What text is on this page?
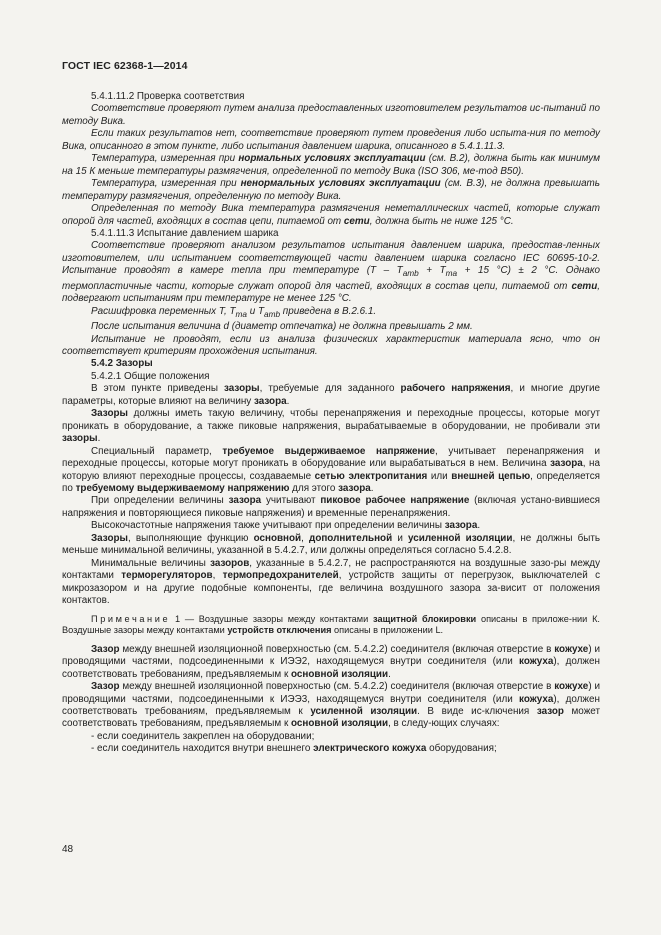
ГОСТ IEC 62368-1—2014

5.4.1.11.2 Проверка соответствия

Соответствие проверяют путем анализа предоставленных изготовителем результатов ис-пытаний по методу Вика.

Если таких результатов нет, соответствие проверяют путем проведения либо испыта-ния по методу Вика, описанного в этом пункте, либо испытания давлением шарика, описанного в 5.4.1.11.3.

Температура, измеренная при нормальных условиях эксплуатации (см. В.2), должна быть как минимум на 15 К меньше температуры размягчения, определенной по методу Вика (ISO 306, ме-тод В50).

Температура, измеренная при ненормальных условиях эксплуатации (см. В.3), не должна превышать температуру размягчения, определенную по методу Вика.

Определенная по методу Вика температура размягчения неметаллических частей, которые служат опорой для частей, входящих в состав цепи, питаемой от сети, должна быть не ниже 125 °С.

5.4.1.11.3 Испытание давлением шарика

Соответствие проверяют анализом результатов испытания давлением шарика, предостав-ленных изготовителем, или испытанием соответствующей части давлением шарика согласно IEC 60695-10-2. Испытание проводят в камере тепла при температуре ($T - T_{amb} + T_{ma} + 15$ °С) ± 2 °С. Однако термопластичные части, которые служат опорой для частей, входящих в состав цепи, питаемой от сети, подвергают испытаниям при температуре не менее 125 °С.

Расшифровка переменных T, $T_{ma}$ и $T_{amb}$ приведена в В.2.6.1.

После испытания величина d (диаметр отпечатка) не должна превышать 2 мм.

Испытание не проводят, если из анализа физических характеристик материала ясно, что он соответствует критериям прохождения испытания.

5.4.2 Зазоры

5.4.2.1 Общие положения

В этом пункте приведены зазоры, требуемые для заданного рабочего напряжения, и многие другие параметры, которые влияют на величину зазора.

Зазоры должны иметь такую величину, чтобы перенапряжения и переходные процессы, которые могут проникать в оборудование, а также пиковые напряжения, вырабатываемые в оборудовании, не пробивали эти зазоры.

Специальный параметр, требуемое выдерживаемое напряжение, учитывает перенапряжения и переходные процессы, которые могут проникать в оборудование или вырабатываться в нем. Величина зазора, на которую влияют переходные процессы, создаваемые сетью электропитания или внешней цепью, определяется по требуемому выдерживаемому напряжению для этого зазора.

При определении величины зазора учитывают пиковое рабочее напряжение (включая устано-вившиеся напряжения и повторяющиеся пиковые напряжения) и временные перенапряжения.

Высокочастотные напряжения также учитывают при определении величины зазора.

Зазоры, выполняющие функцию основной, дополнительной и усиленной изоляции, не должны быть меньше минимальной величины, указанной в 5.4.2.7, или должны определяться согласно 5.4.2.8.

Минимальные величины зазоров, указанные в 5.4.2.7, не распространяются на воздушные зазо-ры между контактами терморегуляторов, термопредохранителей, устройств защиты от перегрузок, выключателей с микрозазором и на другие подобные компоненты, где величина воздушного зазора за-висит от положения контактов.

Примечание 1 — Воздушные зазоры между контактами защитной блокировки описаны в приложе-нии К. Воздушные зазоры между контактами устройств отключения описаны в приложении L.

Зазор между внешней изоляционной поверхностью (см. 5.4.2.2) соединителя (включая отверстие в кожухе) и проводящими частями, подсоединенными к ИЭЭ2, находящемуся внутри соединителя (или кожуха), должен соответствовать требованиям, предъявляемым к основной изоляции.

Зазор между внешней изоляционной поверхностью (см. 5.4.2.2) соединителя (включая отверстие в кожухе) и проводящими частями, подсоединенными к ИЭЭ3, находящемуся внутри соединителя (или кожуха), должен соответствовать требованиям, предъявляемым к усиленной изоляции. В виде ис-ключения зазор может соответствовать требованиям, предъявляемым к основной изоляции, в следу-ющих случаях:

- если соединитель закреплен на оборудовании;

- если соединитель находится внутри внешнего электрического кожуха оборудования;

48
